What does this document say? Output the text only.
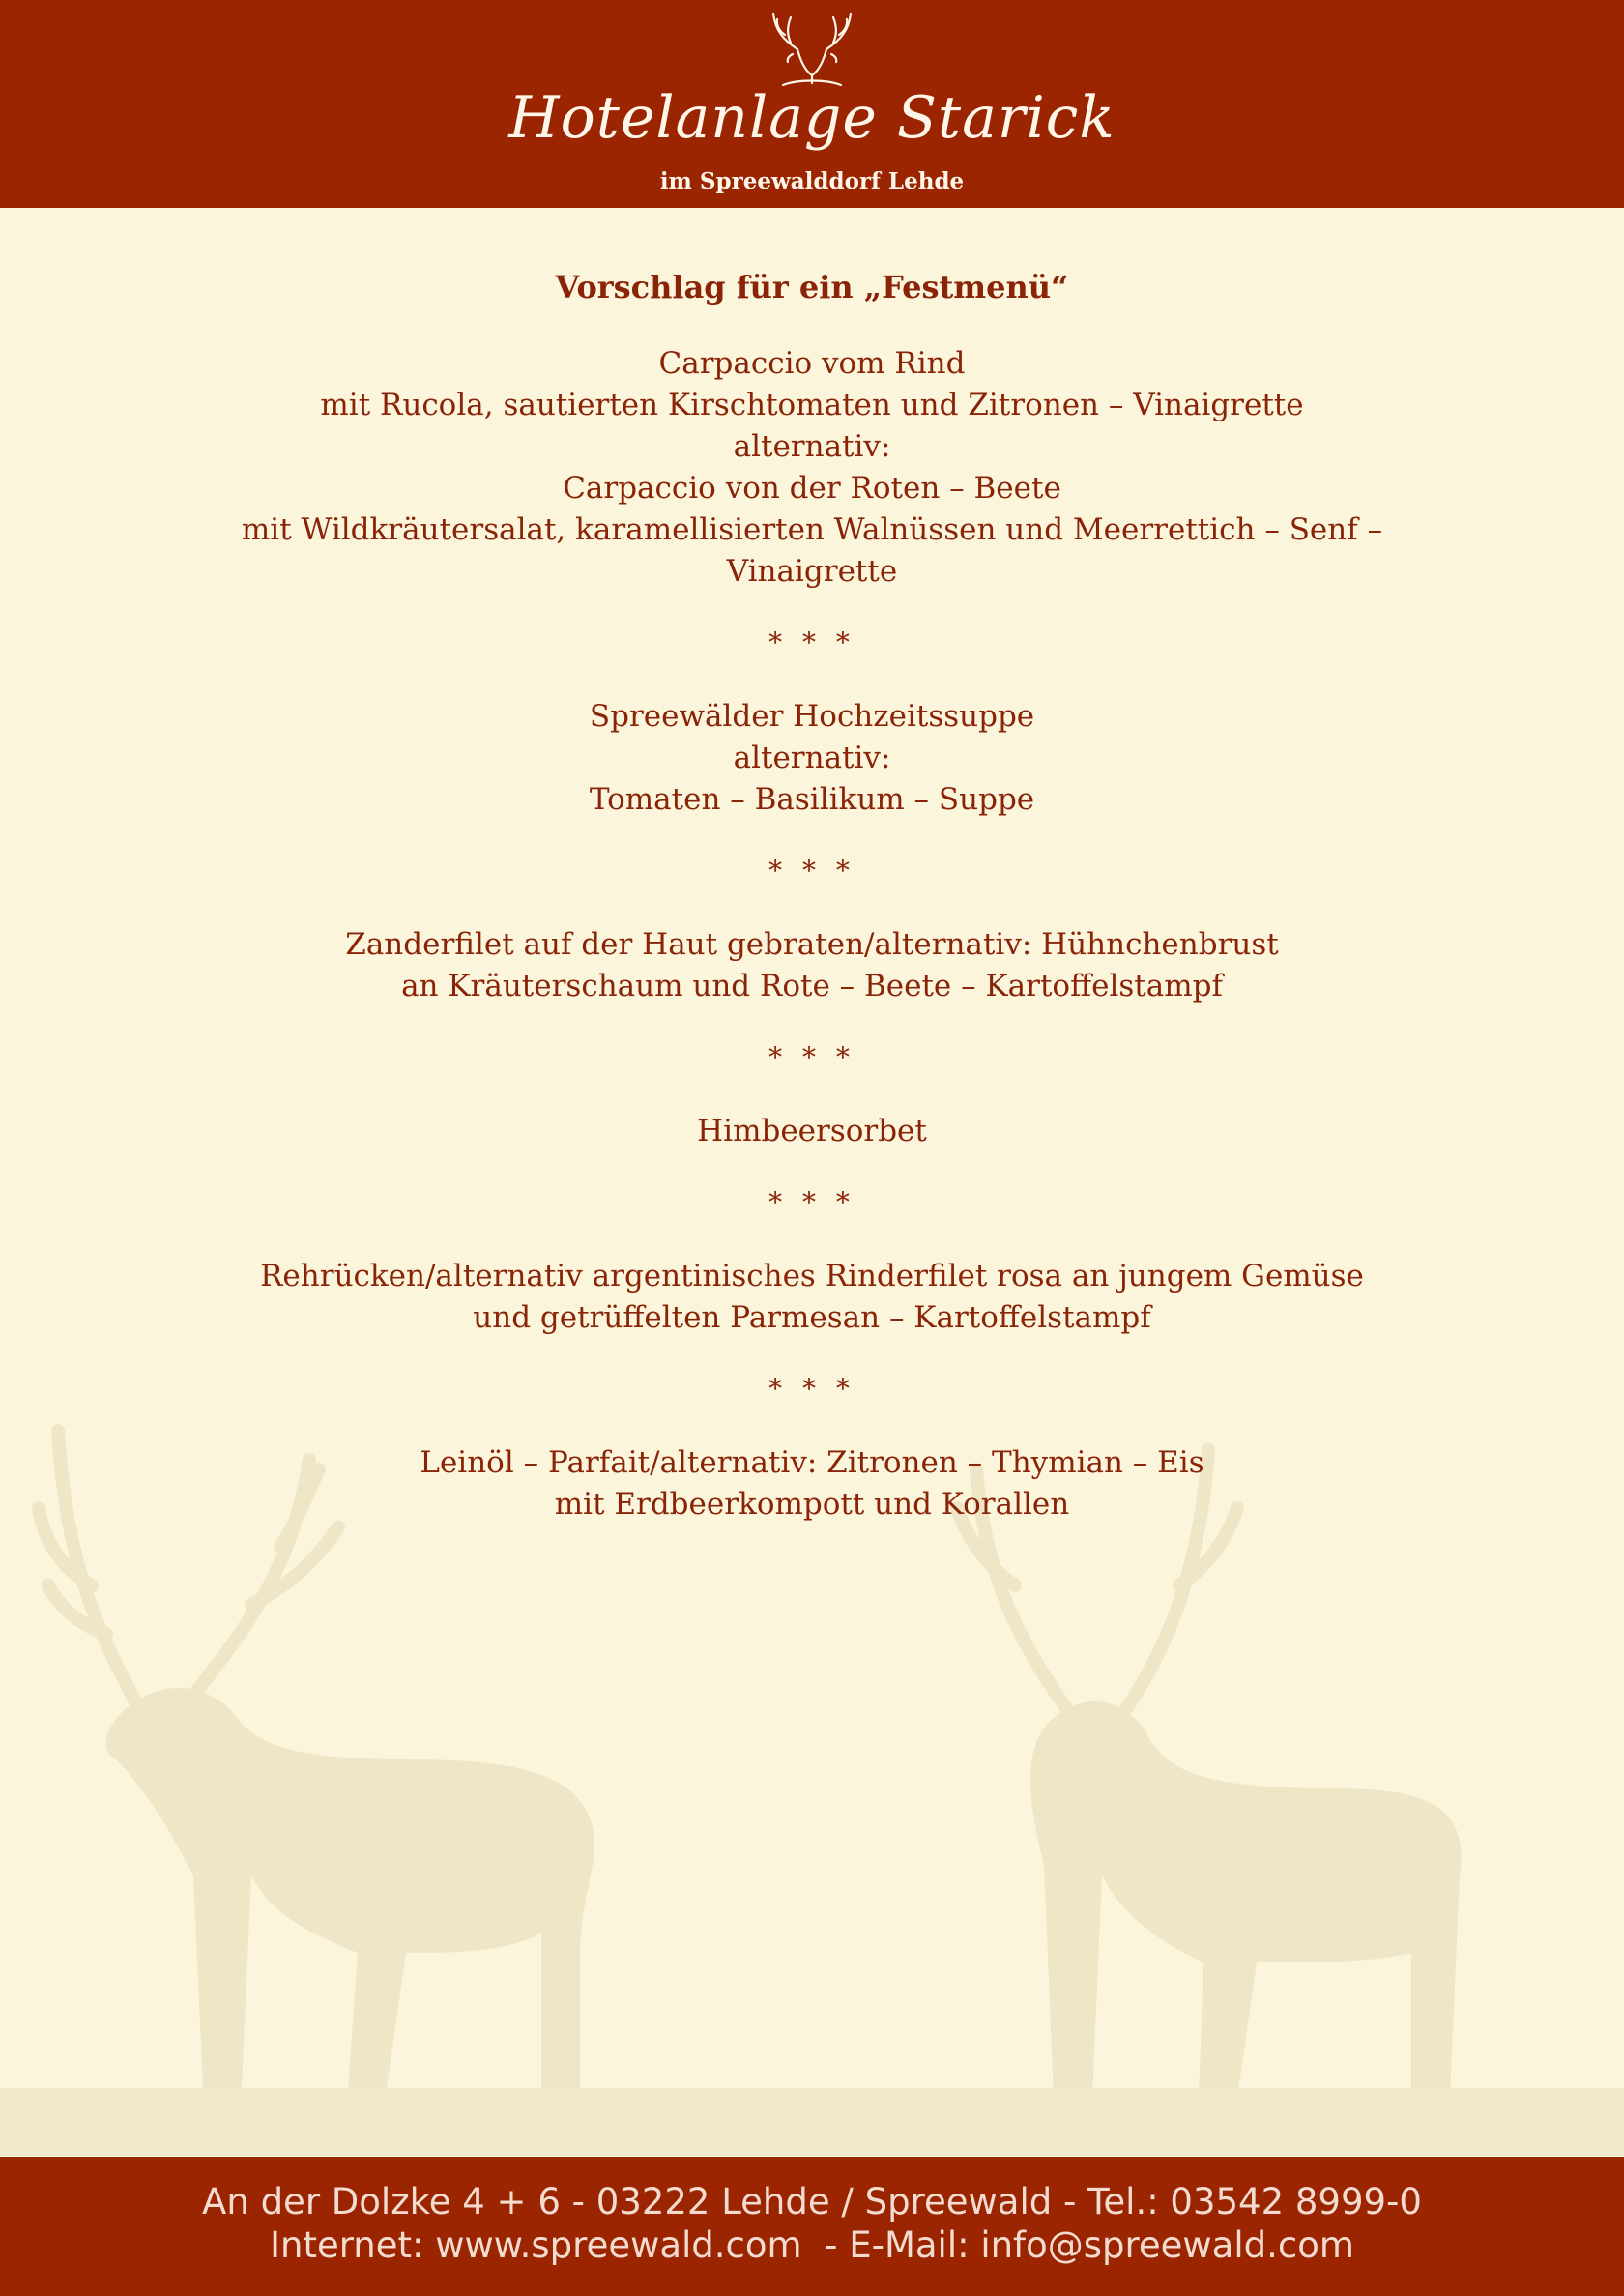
Hotelanlage Starick
im Spreewalddorf Lehde
Vorschlag für ein „Festmenü“
Carpaccio vom Rind
mit Rucola, sautierten Kirschtomaten und Zitronen – Vinaigrette
alternativ:
Carpaccio von der Roten – Beete
mit Wildkräutersalat, karamellisierten Walnüssen und Meerrettich – Senf –
Vinaigrette
* * *
Spreewälder Hochzeitssuppe
alternativ:
Tomaten – Basilikum – Suppe
* * *
Zanderfilet auf der Haut gebraten/alternativ: Hühnchenbrust
an Kräuterschaum und Rote – Beete – Kartoffelstampf
* * *
Himbeersorbet
* * *
Rehrücken/alternativ argentinisches Rinderfilet rosa an jungem Gemüse
und getrüffelten Parmesan – Kartoffelstampf
* * *
Leinöl – Parfait/alternativ: Zitronen – Thymian – Eis
mit Erdbeerkompott und Korallen
An der Dolzke 4 + 6 - 03222 Lehde / Spreewald - Tel.: 03542 8999-0
Internet: www.spreewald.com  - E-Mail: info@spreewald.com
